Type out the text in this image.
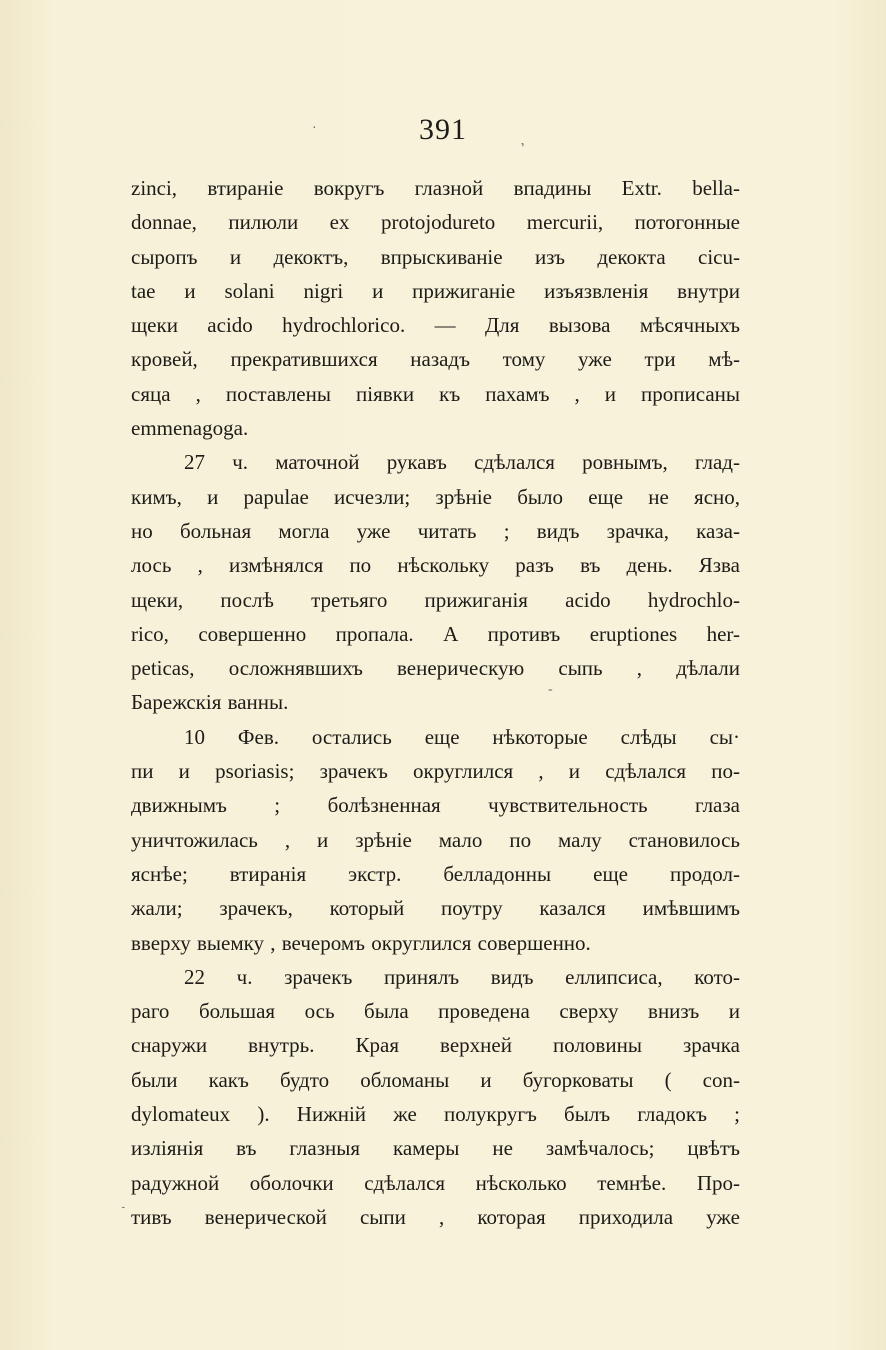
391
·
ʼ
-
ˏ
zinci, втираніе вокругъ глазной впадины Extr. bella-
donnae, пилюли ex protojodureto mercurii, потогонные
сыропъ и декоктъ, впрыскиваніе изъ декокта cicu-
tae и solani nigri и прижиганіе изъязвленія внутри
щеки acido hydrochlorico. — Для вызова мѣсячныхъ
кровей, прекратившихся назадъ тому уже три мѣ-
сяца , поставлены піявки къ пахамъ , и прописаны
emmenagoga.
27 ч. маточной рукавъ сдѣлался ровнымъ, глад-
кимъ, и papulae исчезли; зрѣніе было еще не ясно,
но больная могла уже читать ; видъ зрачка, каза-
лось , измѣнялся по нѣскольку разъ въ день. Язва
щеки, послѣ третьяго прижиганія acido hydrochlo-
rico, совершенно пропала. А противъ eruptiones her-
peticas, осложнявшихъ венерическую сыпь , дѣлали
Барежскія ванны.
10 Фев. остались еще нѣкоторые слѣды сы·
пи и psoriasis; зрачекъ округлился , и сдѣлался по-
движнымъ ; болѣзненная чувствительность глаза
уничтожилась , и зрѣніе мало по малу становилось
яснѣе; втиранія экстр. белладонны еще продол-
жали; зрачекъ, который поутру казался имѣвшимъ
вверху выемку , вечеромъ округлился совершенно.
22 ч. зрачекъ принялъ видъ еллипсиса, кото-
раго большая ось была проведена сверху внизъ и
снаружи внутрь. Края верхней половины зрачка
были какъ будто обломаны и бугорковаты ( con-
dylomateux ). Нижній же полукругъ былъ гладокъ ;
изліянія въ глазныя камеры не замѣчалось; цвѣтъ
радужной оболочки сдѣлался нѣсколько темнѣе. Про-
тивъ венерической сыпи , которая приходила уже
